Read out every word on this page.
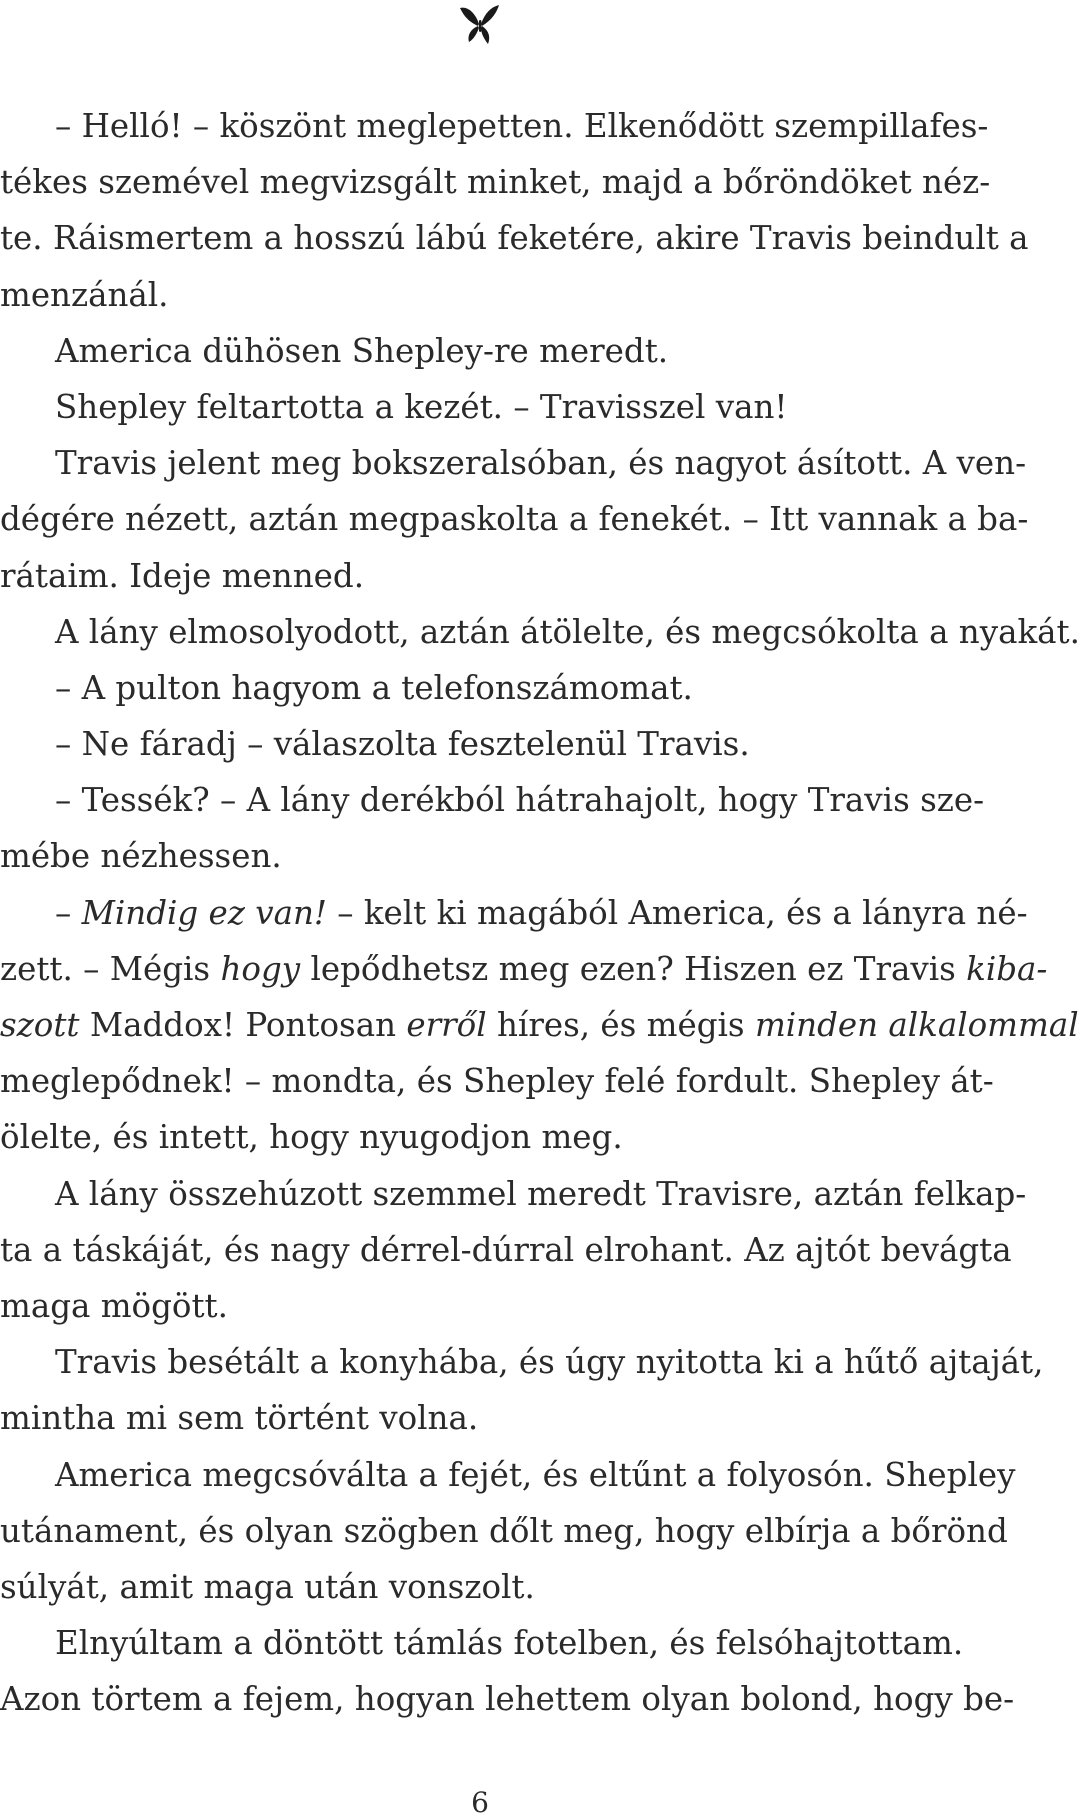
– Helló! – köszönt meglepetten. Elkenődött szempillafes-
tékes szemével megvizsgált minket, majd a bőröndöket néz-
te. Ráismertem a hosszú lábú feketére, akire Travis beindult a
menzánál.
America dühösen Shepley-re meredt.
Shepley feltartotta a kezét. – Travisszel van!
Travis jelent meg bokszeralsóban, és nagyot ásított. A ven-
dégére nézett, aztán megpaskolta a fenekét. – Itt vannak a ba-
rátaim. Ideje menned.
A lány elmosolyodott, aztán átölelte, és megcsókolta a nyakát.
– A pulton hagyom a telefonszámomat.
– Ne fáradj – válaszolta fesztelenül Travis.
– Tessék? – A lány derékból hátrahajolt, hogy Travis sze-
mébe nézhessen.
– Mindig ez van! – kelt ki magából America, és a lányra né-
zett. – Mégis hogy lepődhetsz meg ezen? Hiszen ez Travis kiba-
szott Maddox! Pontosan erről híres, és mégis minden alkalommal
meglepődnek! – mondta, és Shepley felé fordult. Shepley át-
ölelte, és intett, hogy nyugodjon meg.
A lány összehúzott szemmel meredt Travisre, aztán felkap-
ta a táskáját, és nagy dérrel-dúrral elrohant. Az ajtót bevágta
maga mögött.
Travis besétált a konyhába, és úgy nyitotta ki a hűtő ajtaját,
mintha mi sem történt volna.
America megcsóválta a fejét, és eltűnt a folyosón. Shepley
utánament, és olyan szögben dőlt meg, hogy elbírja a bőrönd
súlyát, amit maga után vonszolt.
Elnyúltam a döntött támlás fotelben, és felsóhajtottam.
Azon törtem a fejem, hogyan lehettem olyan bolond, hogy be-
6
